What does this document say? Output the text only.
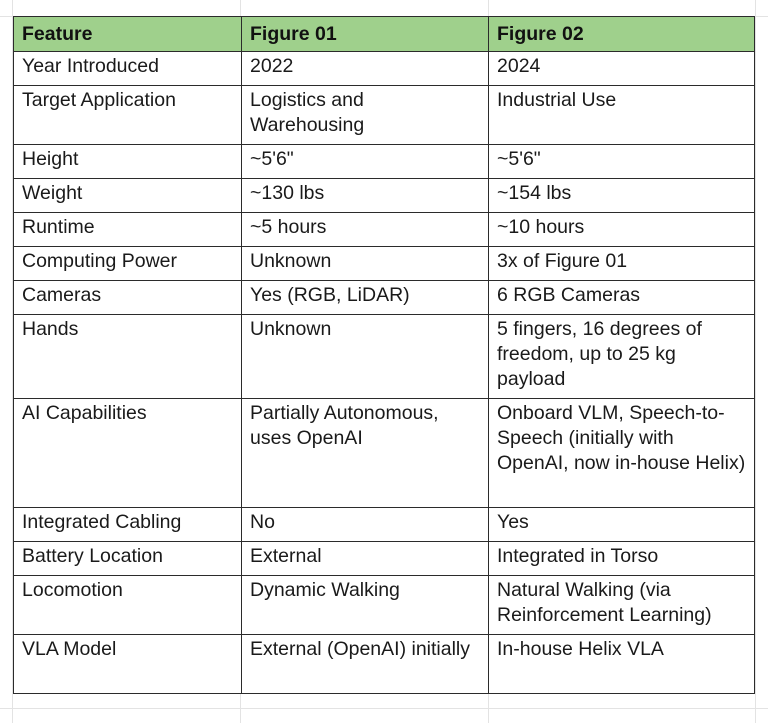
Feature	Figure 01	Figure 02
Year Introduced	2022	2024
Target Application	Logistics and Warehousing	Industrial Use
Height	~5'6"	~5'6"
Weight	~130 lbs	~154 lbs
Runtime	~5 hours	~10 hours
Computing Power	Unknown	3x of Figure 01
Cameras	Yes (RGB, LiDAR)	6 RGB Cameras
Hands	Unknown	5 fingers, 16 degrees of freedom, up to 25 kg payload
AI Capabilities	Partially Autonomous, uses OpenAI	Onboard VLM, Speech-to-Speech (initially with OpenAI, now in-house Helix)
Integrated Cabling	No	Yes
Battery Location	External	Integrated in Torso
Locomotion	Dynamic Walking	Natural Walking (via Reinforcement Learning)
VLA Model	External (OpenAI) initially	In-house Helix VLA
